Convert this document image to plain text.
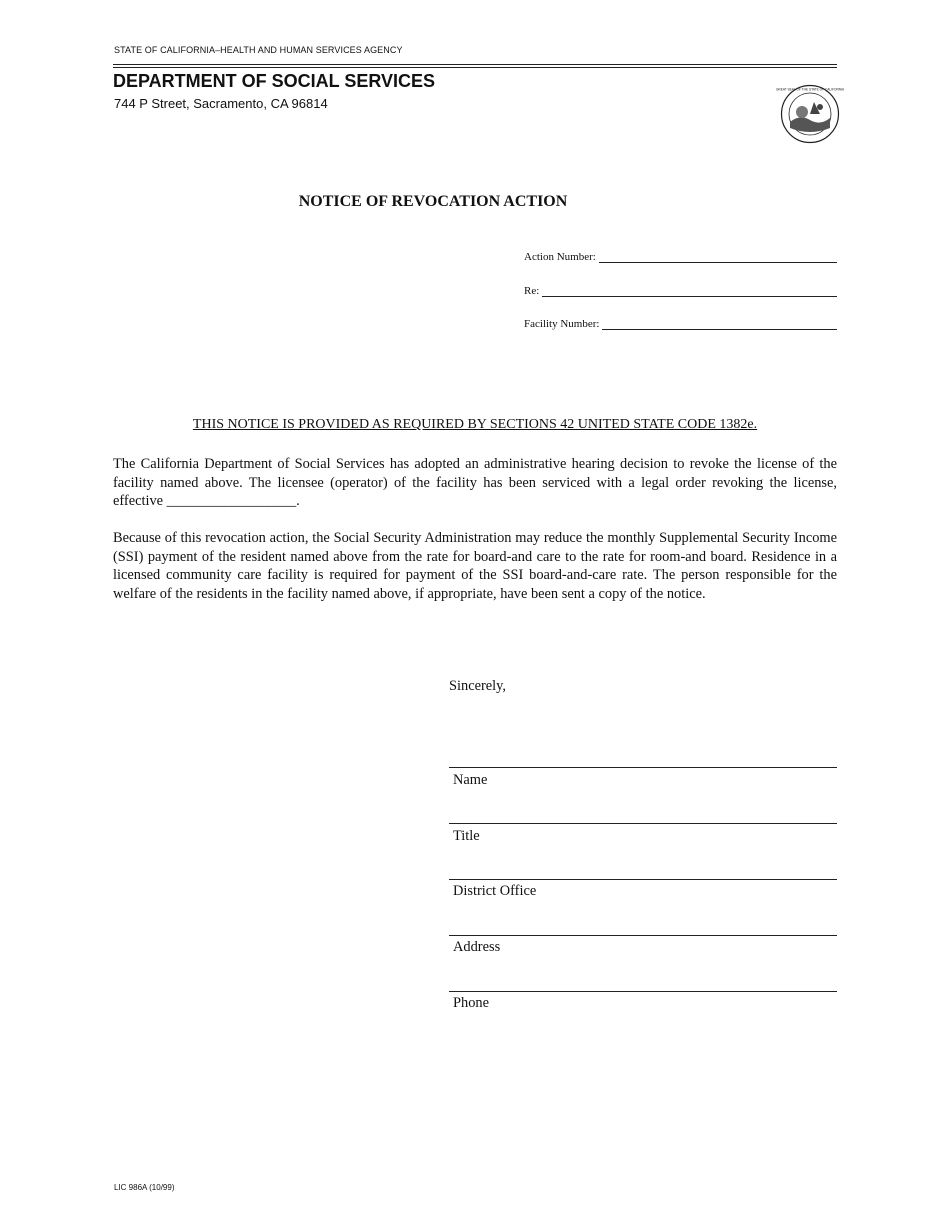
STATE OF CALIFORNIA–HEALTH AND HUMAN SERVICES AGENCY
DEPARTMENT OF SOCIAL SERVICES
744 P Street, Sacramento, CA 96814
GREAT SEAL OF THE STATE OF CALIFORNIA
NOTICE OF REVOCATION ACTION
Action Number:
Re:
Facility Number:
THIS NOTICE IS PROVIDED AS REQUIRED BY SECTIONS 42 UNITED STATE CODE 1382e.
The California Department of Social Services has adopted an administrative hearing decision to revoke the license of the facility named above. The licensee (operator) of the facility has been serviced with a legal order revoking the license, effective __________________.
Because of this revocation action, the Social Security Administration may reduce the monthly Supplemental Security Income (SSI) payment of the resident named above from the rate for board-and care to the rate for room-and board. Residence in a licensed community care facility is required for payment of the SSI board-and-care rate. The person responsible for the welfare of the residents in the facility named above, if appropriate, have been sent a copy of the notice.
Sincerely,
Name
Title
District Office
Address
Phone
LIC 986A (10/99)
